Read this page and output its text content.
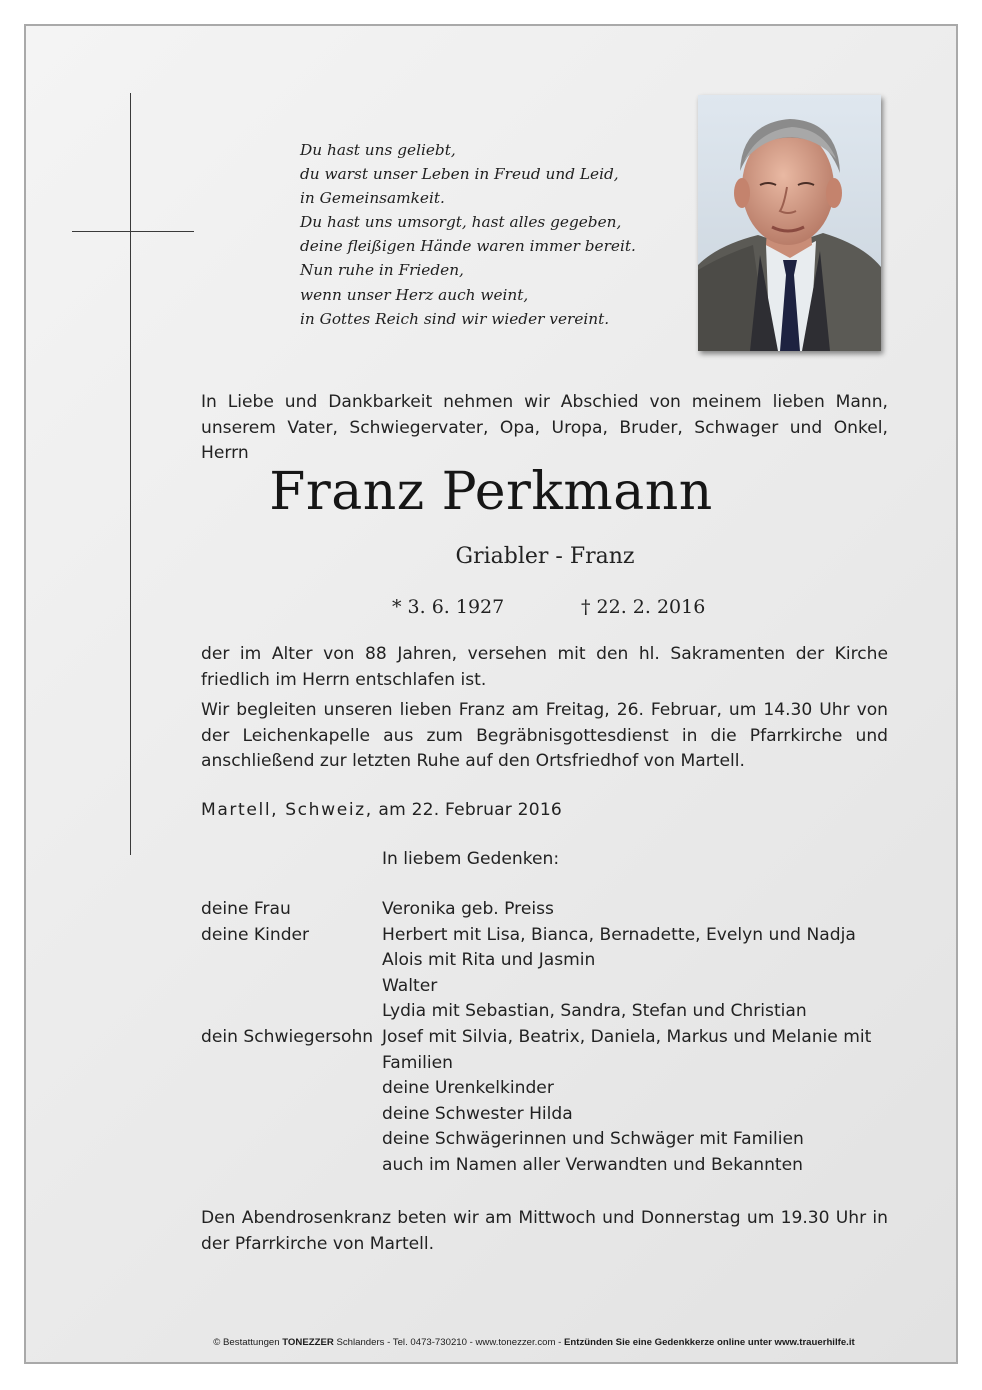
Du hast uns geliebt,
du warst unser Leben in Freud und Leid,
in Gemeinsamkeit.
Du hast uns umsorgt, hast alles gegeben,
deine fleißigen Hände waren immer bereit.
Nun ruhe in Frieden,
wenn unser Herz auch weint,
in Gottes Reich sind wir wieder vereint.
In Liebe und Dankbarkeit nehmen wir Abschied von meinem lieben Mann,
unserem Vater, Schwiegervater, Opa, Uropa, Bruder, Schwager und Onkel, Herrn
Franz Perkmann
Griabler - Franz
* 3. 6. 1927	† 22. 2. 2016
der im Alter von 88 Jahren, versehen mit den hl. Sakramenten der Kirche friedlich im Herrn entschlafen ist.
Wir begleiten unseren lieben Franz am Freitag, 26. Februar, um 14.30 Uhr von der Leichenkapelle aus zum Begräbnisgottesdienst in die Pfarrkirche und anschließend zur letzten Ruhe auf den Ortsfriedhof von Martell.
Martell, Schweiz, am 22. Februar 2016
In liebem Gedenken:
deine Frau	Veronika geb. Preiss
deine Kinder	Herbert mit Lisa, Bianca, Bernadette, Evelyn und Nadja
Alois mit Rita und Jasmin
Walter
Lydia mit Sebastian, Sandra, Stefan und Christian
dein Schwiegersohn Josef mit Silvia, Beatrix, Daniela, Markus und Melanie mit
Familien
deine Urenkelkinder
deine Schwester Hilda
deine Schwägerinnen und Schwäger mit Familien
auch im Namen aller Verwandten und Bekannten
Den Abendrosenkranz beten wir am Mittwoch und Donnerstag um 19.30 Uhr in der Pfarrkirche von Martell.
© Bestattungen TONEZZER Schlanders - Tel. 0473-730210 - www.tonezzer.com - Entzünden Sie eine Gedenkkerze online unter www.trauerhilfe.it
